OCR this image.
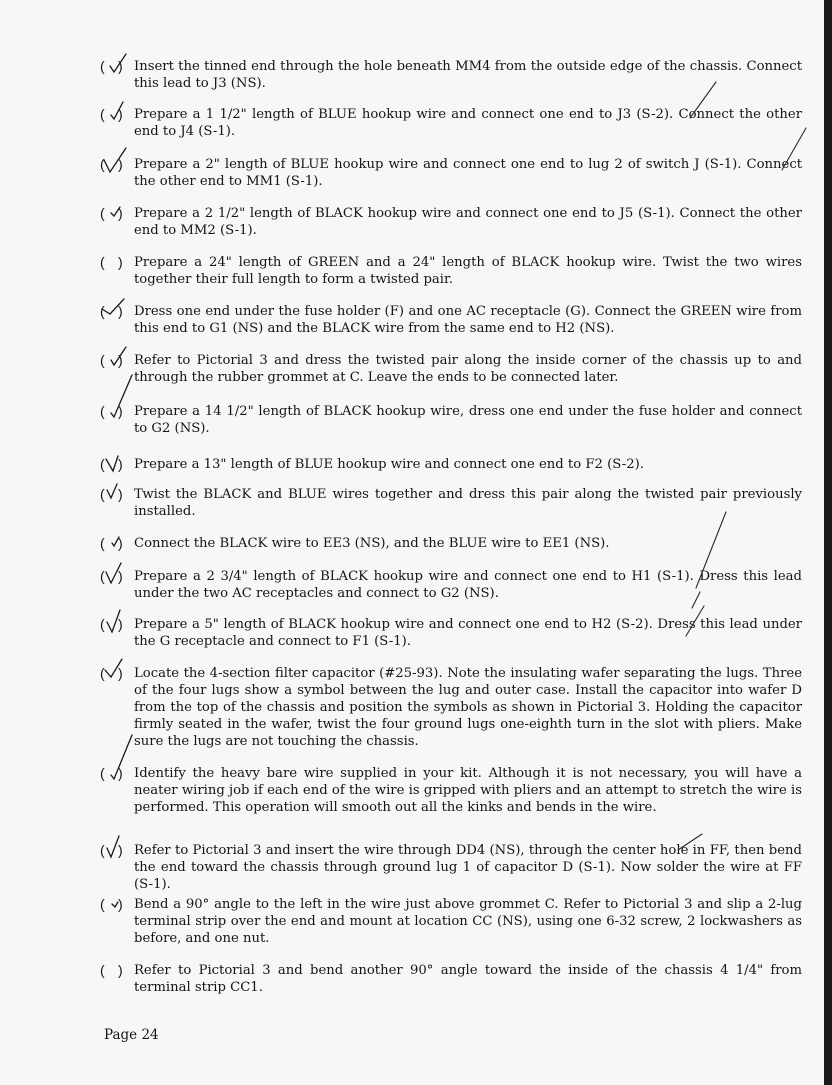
( ) Insert the tinned end through the hole beneath MM4 from the outside edge of the chassis. Connect this lead to J3 (NS).
( ) Prepare a 1 1/2" length of BLUE hookup wire and connect one end to J3 (S-2). Connect the other end to J4 (S-1).
( ) Prepare a 2" length of BLUE hookup wire and connect one end to lug 2 of switch J (S-1). Connect the other end to MM1 (S-1).
( ) Prepare a 2 1/2" length of BLACK hookup wire and connect one end to J5 (S-1). Connect the other end to MM2 (S-1).
( ) Prepare a 24" length of GREEN and a 24" length of BLACK hookup wire. Twist the two wires together their full length to form a twisted pair.
( ) Dress one end under the fuse holder (F) and one AC receptacle (G). Connect the GREEN wire from this end to G1 (NS) and the BLACK wire from the same end to H2 (NS).
( ) Refer to Pictorial 3 and dress the twisted pair along the inside corner of the chassis up to and through the rubber grommet at C. Leave the ends to be connected later.
( ) Prepare a 14 1/2" length of BLACK hookup wire, dress one end under the fuse holder and connect to G2 (NS).
( ) Prepare a 13" length of BLUE hookup wire and connect one end to F2 (S-2).
( ) Twist the BLACK and BLUE wires together and dress this pair along the twisted pair previously installed.
( ) Connect the BLACK wire to EE3 (NS), and the BLUE wire to EE1 (NS).
( ) Prepare a 2 3/4" length of BLACK hookup wire and connect one end to H1 (S-1). Dress this lead under the two AC receptacles and connect to G2 (NS).
( ) Prepare a 5" length of BLACK hookup wire and connect one end to H2 (S-2). Dress this lead under the G receptacle and connect to F1 (S-1).
( ) Locate the 4-section filter capacitor (#25-93). Note the insulating wafer separating the lugs. Three of the four lugs show a symbol between the lug and outer case. Install the capacitor into wafer D from the top of the chassis and position the symbols as shown in Pictorial 3. Holding the capacitor firmly seated in the wafer, twist the four ground lugs one-eighth turn in the slot with pliers. Make sure the lugs are not touching the chassis.
( ) Identify the heavy bare wire supplied in your kit. Although it is not necessary, you will have a neater wiring job if each end of the wire is gripped with pliers and an attempt to stretch the wire is performed. This operation will smooth out all the kinks and bends in the wire.
( ) Refer to Pictorial 3 and insert the wire through DD4 (NS), through the center hole in FF, then bend the end toward the chassis through ground lug 1 of capacitor D (S-1). Now solder the wire at FF (S-1).
( ) Bend a 90° angle to the left in the wire just above grommet C. Refer to Pictorial 3 and slip a 2-lug terminal strip over the end and mount at location CC (NS), using one 6-32 screw, 2 lockwashers as before, and one nut.
( ) Refer to Pictorial 3 and bend another 90° angle toward the inside of the chassis 4 1/4" from terminal strip CC1.
Page 24
